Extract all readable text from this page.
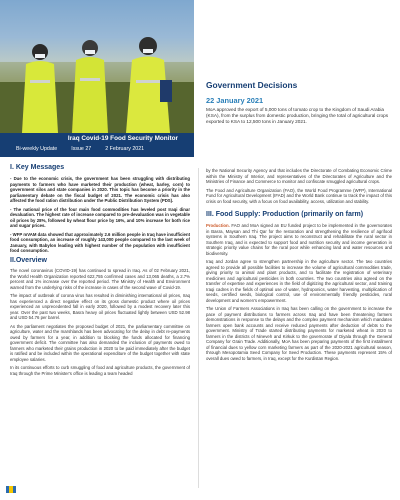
Iraq Covid-19 Food Security Monitor
Bi-weekly Update	Issue 27	2 February 2021
Government Decisions
22 January 2021
MoA approved the export of 5,000 tons of tomato crop to the Kingdom of Saudi Arabia (KSA), from the surplus from domestic production, bringing the total of agricultural crops exported to KSA to 12,500 tons in January 2021.
I. Key Messages

- Due to the economic crisis, the government has been struggling with distributing payments to farmers who have marketed their production (wheat, barley, corn) to government silos and state companies in 2020. This topic has become a priority in the parliamentary debate on the fiscal budget of 2021. The economic crisis has also affected the food ration distribution under the Public Distribution System (PDS).

- The national price of the four main food commodities has leveled post Iraqi dinar devaluation. The highest rate of increase compared to pre-devaluation was in vegetable oil prices by 28%, followed by wheat flour price by 16%, and 10% increase for both rice and sugar prices.

- WFP mVAM data showed that approximately 2.6 million people in Iraq have insufficient food consumption, an increase of roughly 143,000 people compared to the last week of January, with Babylon leading with highest number of the population with insufficient food consumption.

II.Overview

The novel coronavirus (COVID-19) has continued to spread in Iraq. As of 02 February 2021, the World Health Organization reported 622,755 confirmed cases and 13,065 deaths, a 2.7% percent and 1% increase over the reported period. The Ministry of Health and Environment warned from the underlying risks of the increase in cases of the second wave of Covid-19.

The impact of outbreak of corona virus has resulted in diminishing international oil prices, Iraq has experienced a direct negative effect on its gross domestic product where oil prices experienced an unprecedented fall in early 2020, followed by a modest recovery later this year. Over the past two weeks, Basra heavy oil prices fluctuated lightly between USD 52.98 and USD 54.76 per barrel.

As the parliament negotiates the proposed budget of 2021, the parliamentary committee on agriculture, water and the marshlands has been advocating for the delay in debt re-payments owed by farmers for a year, in addition to blocking the funds allocated for financing government deficit. The committee has also demanded the inclusion of payments owed to farmers who marketed their grains production in 2020 to be paid immediately after the budget is ratified and be included within the operational expenditure of the budget together with state employee salaries.

In its continuous efforts to curb smuggling of food and agriculture products, the government of Iraq through the Prime Minister's office is leading a team headed

by the National Security Agency and that includes the Directorate of Combating Economic Crime within the Ministry of Interior, and representatives of the Directorates of Agriculture and the Ministries of Finance and Commerce to monitor and confiscate smuggled agricultural crops.

The Food and Agriculture Organization (FAO), the World Food Programme (WFP), International Fund for Agricultural Development (IFAD) and the World Bank continue to track the impact of this crisis on food security, with a focus on food availability, access, utilization and stability.

III. Food Supply: Production (primarily on farm)

Production. FAO and MoA signed an EU funded project to be implemented in the governorates in Basra, Maysan and Thi Qar for the restoration and strengthening the resilience of agrifood systems in Southern Iraq. The project aims to reconstruct and rehabilitate the rural sector in Southern Iraq, and is expected to support food and nutrition security and income generation in strategic priority value chains for the rural poor while enhancing land and water resources and biodiversity.

Iraq and Jordan agree to strengthen partnership in the agriculture sector. The two countries agreed to provide all possible facilities to increase the volume of agricultural commodities trade, giving priority to animal and plant products, and to facilitate the registration of veterinary medicines and agricultural pesticides in both countries. The two countries also agreed on the transfer of expertise and experiences in the field of digitizing the agricultural sector, and training Iraqi cadres in the fields of optimal use of water, hydroponics, water harvesting, multiplication of seeds, certified seeds, biological control, use of environmentally friendly pesticides, rural development and women's empowerment.

The Union of Farmers Associations in Iraq has been calling on the government to increase the pace of payment distributions to farmers across Iraq and have been threatening farmers demonstrations in response to the delays and the complex payment mechanism which mandates farmers open bank accounts and receive reduced payments after deduction of debts to the government. Ministry of Trade started distributing payments for marketed wheat in 2020 to farmers in the districts of Nineveh and Kirkuk to the governorate of Diyala through the General Company for Grain Trade. Additionally, MoA has been preparing payments of the first installment of financial dues to yellow corn marketing farmers as part of the 2020-2021 agricultural season, through Mesopotamia Seed Company for Seed Production. These payments represent 15% of overall dues owed to farmers, in Iraq, except for the Kurdistan Region.
